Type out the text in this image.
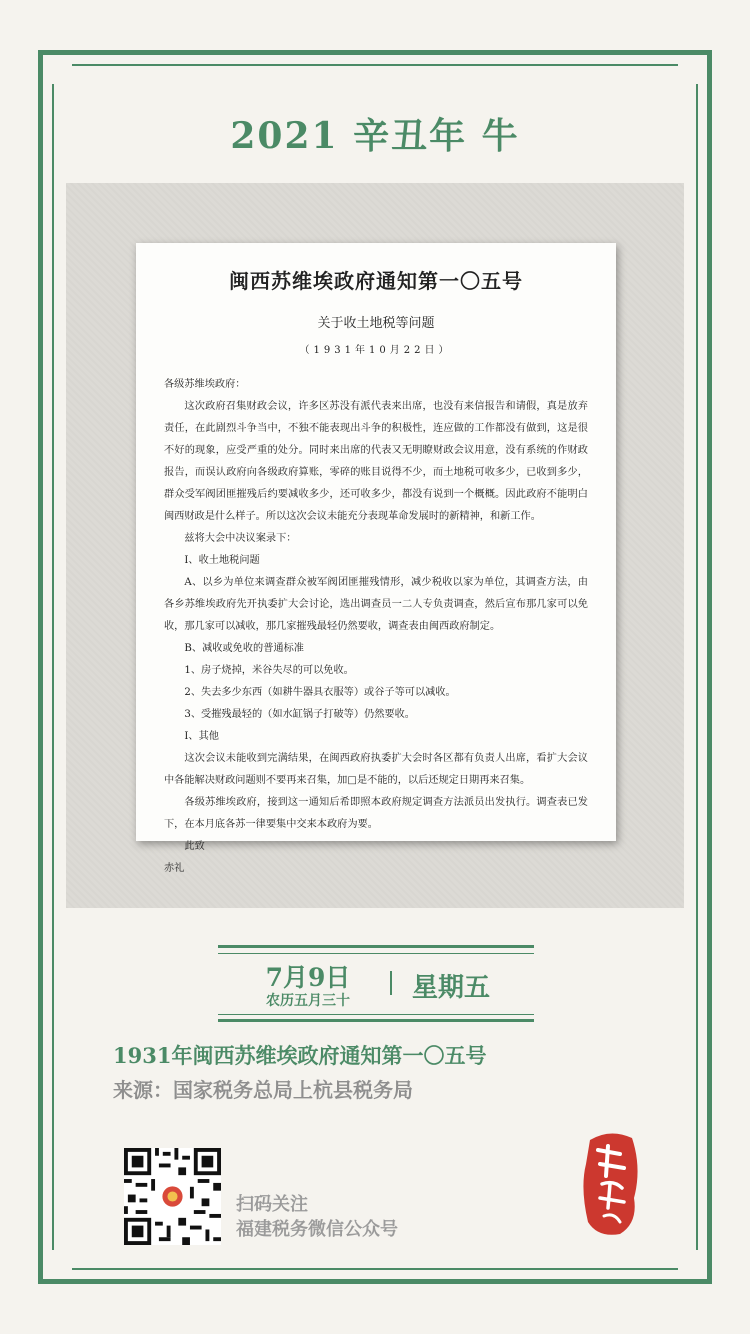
2021 辛丑年 牛
闽西苏维埃政府通知第一〇五号
关于收土地税等问题
（1931年10月22日）

各级苏维埃政府：

这次政府召集财政会议，许多区苏没有派代表来出席，也没有来信报告和请假，真是放弃责任，在此剧烈斗争当中，不独不能表现出斗争的积极性，连应做的工作都没有做到，这是很不好的现象，应受严重的处分。同时来出席的代表又无明瞭财政会议用意，没有系统的作财政报告，而误认政府向各级政府算账，零碎的账目说得不少，而土地税可收多少，已收到多少，群众受军阀团匪摧残后约要减收多少，还可收多少，都没有说到一个概概。因此政府不能明白闽西财政是什么样子。所以这次会议未能充分表现革命发展时的新精神，和新工作。

兹将大会中决议案录下：

Ⅰ、收土地税问题

A、以乡为单位来调查群众被军阀团匪摧残情形，减少税收以家为单位，其调查方法，由各乡苏维埃政府先开执委扩大会讨论，选出调查员一二人专负责调查，然后宣布那几家可以免收，那几家可以减收，那几家摧残最轻仍然要收，调查表由闽西政府制定。

B、减收或免收的普通标准

1、房子烧掉，米谷失尽的可以免收。

2、失去多少东西（如耕牛器具衣服等）或谷子等可以减收。

3、受摧残最轻的（如水缸锅子打破等）仍然要收。

Ⅰ、其他

这次会议未能收到完满结果，在闽西政府执委扩大会时各区都有负责人出席，看扩大会议中各能解决财政问题则不要再来召集，加□是不能的，以后还规定日期再来召集。

各级苏维埃政府，接到这一通知后希即照本政府规定调查方法派员出发执行。调查表已发下，在本月底各苏一律要集中交来本政府为要。

此致

赤礼

7月9日
农历五月三十	星期五
1931年闽西苏维埃政府通知第一〇五号
来源：国家税务总局上杭县税务局
扫码关注
福建税务微信公众号
